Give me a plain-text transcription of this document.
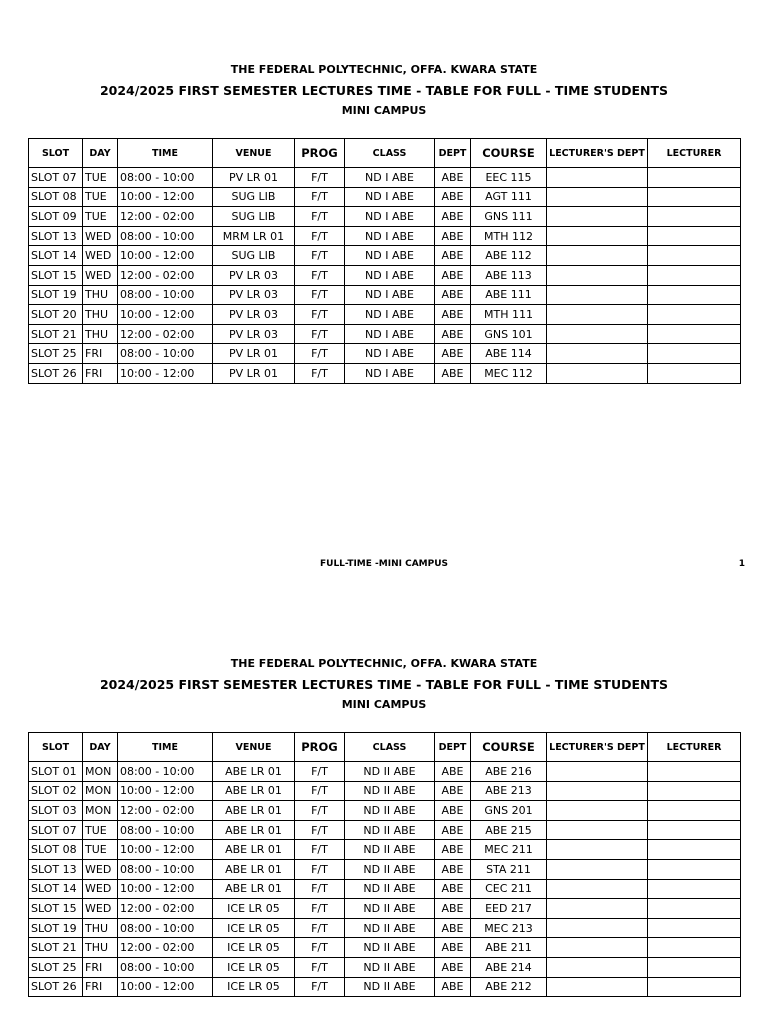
THE FEDERAL POLYTECHNIC, OFFA. KWARA STATE
2024/2025 FIRST SEMESTER LECTURES TIME - TABLE FOR FULL - TIME STUDENTS
MINI CAMPUS
SLOT	DAY	TIME	VENUE	PROG	CLASS	DEPT	COURSE	LECTURER'S DEPT	LECTURER
SLOT 07	TUE	08:00 - 10:00	PV LR 01	F/T	ND I ABE	ABE	EEC 115		
SLOT 08	TUE	10:00 - 12:00	SUG LIB	F/T	ND I ABE	ABE	AGT 111		
SLOT 09	TUE	12:00 - 02:00	SUG LIB	F/T	ND I ABE	ABE	GNS 111		
SLOT 13	WED	08:00 - 10:00	MRM LR 01	F/T	ND I ABE	ABE	MTH 112		
SLOT 14	WED	10:00 - 12:00	SUG LIB	F/T	ND I ABE	ABE	ABE 112		
SLOT 15	WED	12:00 - 02:00	PV LR 03	F/T	ND I ABE	ABE	ABE 113		
SLOT 19	THU	08:00 - 10:00	PV LR 03	F/T	ND I ABE	ABE	ABE 111		
SLOT 20	THU	10:00 - 12:00	PV LR 03	F/T	ND I ABE	ABE	MTH 111		
SLOT 21	THU	12:00 - 02:00	PV LR 03	F/T	ND I ABE	ABE	GNS 101		
SLOT 25	FRI	08:00 - 10:00	PV LR 01	F/T	ND I ABE	ABE	ABE 114		
SLOT 26	FRI	10:00 - 12:00	PV LR 01	F/T	ND I ABE	ABE	MEC 112		
FULL-TIME -MINI CAMPUS	1
THE FEDERAL POLYTECHNIC, OFFA. KWARA STATE
2024/2025 FIRST SEMESTER LECTURES TIME - TABLE FOR FULL - TIME STUDENTS
MINI CAMPUS
SLOT	DAY	TIME	VENUE	PROG	CLASS	DEPT	COURSE	LECTURER'S DEPT	LECTURER
SLOT 01	MON	08:00 - 10:00	ABE LR 01	F/T	ND II ABE	ABE	ABE 216		
SLOT 02	MON	10:00 - 12:00	ABE LR 01	F/T	ND II ABE	ABE	ABE 213		
SLOT 03	MON	12:00 - 02:00	ABE LR 01	F/T	ND II ABE	ABE	GNS 201		
SLOT 07	TUE	08:00 - 10:00	ABE LR 01	F/T	ND II ABE	ABE	ABE 215		
SLOT 08	TUE	10:00 - 12:00	ABE LR 01	F/T	ND II ABE	ABE	MEC 211		
SLOT 13	WED	08:00 - 10:00	ABE LR 01	F/T	ND II ABE	ABE	STA 211		
SLOT 14	WED	10:00 - 12:00	ABE LR 01	F/T	ND II ABE	ABE	CEC 211		
SLOT 15	WED	12:00 - 02:00	ICE LR 05	F/T	ND II ABE	ABE	EED 217		
SLOT 19	THU	08:00 - 10:00	ICE LR 05	F/T	ND II ABE	ABE	MEC 213		
SLOT 21	THU	12:00 - 02:00	ICE LR 05	F/T	ND II ABE	ABE	ABE 211		
SLOT 25	FRI	08:00 - 10:00	ICE LR 05	F/T	ND II ABE	ABE	ABE 214		
SLOT 26	FRI	10:00 - 12:00	ICE LR 05	F/T	ND II ABE	ABE	ABE 212		
